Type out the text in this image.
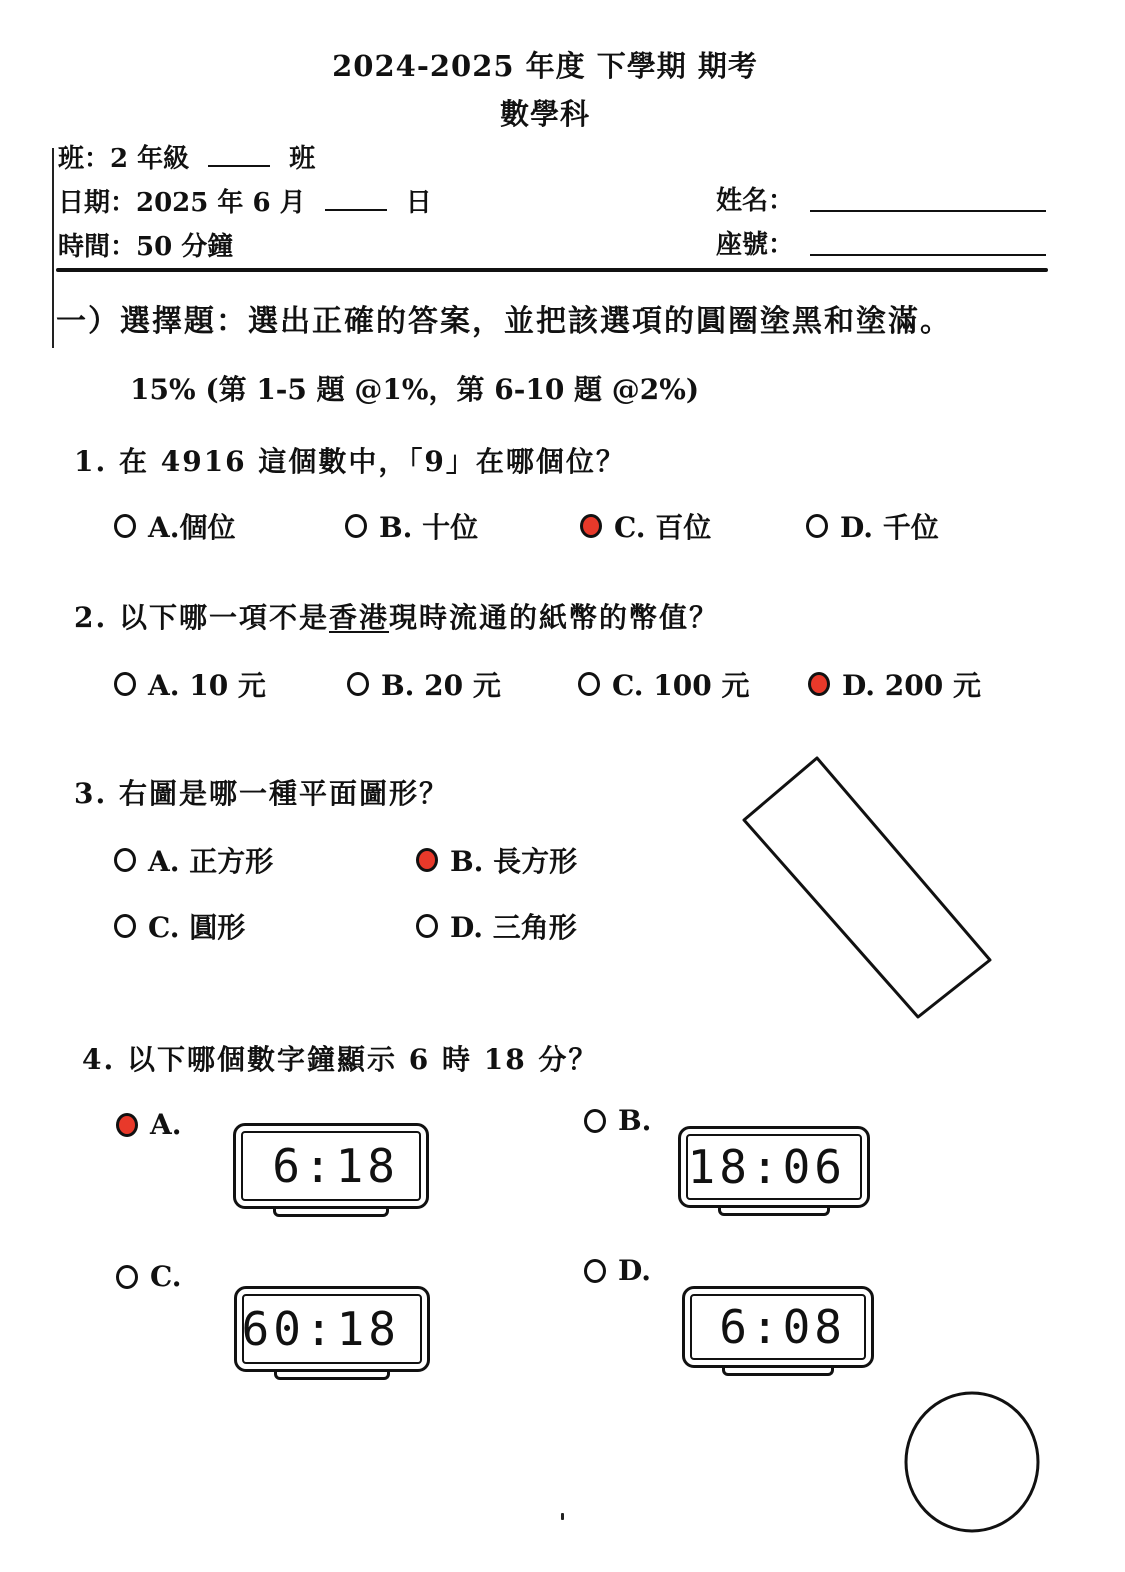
2024-2025 年度 下學期 期考
數學科
班：2 年級	班
日期：2025 年 6 月	日
時間：50 分鐘
姓名：
座號：
一）選擇題：選出正確的答案，並把該選項的圓圈塗黑和塗滿。
15% (第 1-5 題 @1%，第 6-10 題 @2%)
1. 在 4916 這個數中，「9」在哪個位？
A.個位	B. 十位	C. 百位	D. 千位
2. 以下哪一項不是香港現時流通的紙幣的幣值？
A. 10 元	B. 20 元	C. 100 元	D. 200 元
3. 右圖是哪一種平面圖形？
A. 正方形	B. 長方形
C. 圓形	D. 三角形
4. 以下哪個數字鐘顯示 6 時 18 分？
A.
6:18
B.
18:06
C.
60:18
D.
6:08
